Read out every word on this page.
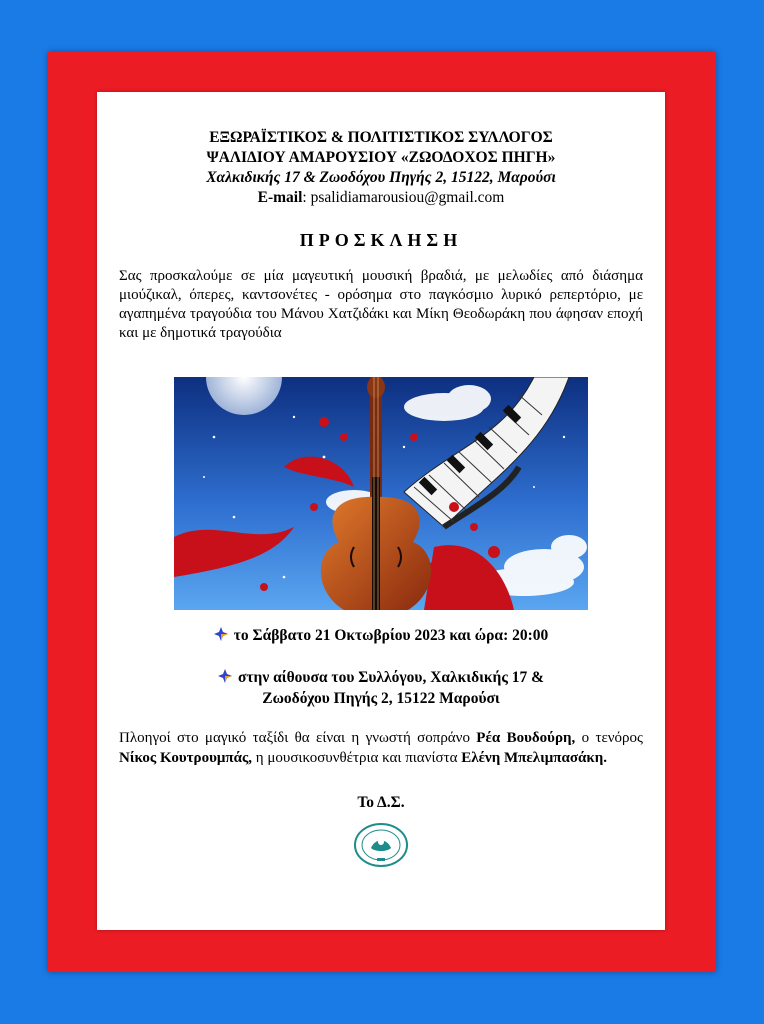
ΕΞΩΡΑΪΣΤΙΚΟΣ & ΠΟΛΙΤΙΣΤΙΚΟΣ ΣΥΛΛΟΓΟΣ
ΨΑΛΙΔΙΟΥ ΑΜΑΡΟΥΣΙΟΥ «ΖΩΟΔΟΧΟΣ ΠΗΓΗ»
Χαλκιδικής 17 & Ζωοδόχου Πηγής 2, 15122, Μαρούσι
E-mail: psalidiamarousiou@gmail.com
ΠΡΟΣΚΛΗΣΗ
Σας προσκαλούμε σε μία μαγευτική μουσική βραδιά, με μελωδίες από διάσημα μιούζικαλ, όπερες, καντσονέτες - ορόσημα στο παγκόσμιο λυρικό ρεπερτόριο, με αγαπημένα τραγούδια του Μάνου Χατζιδάκι και Μίκη Θεοδωράκη που άφησαν εποχή και με δημοτικά τραγούδια
το Σάββατο 21 Οκτωβρίου 2023 και ώρα: 20:00
στην αίθουσα του Συλλόγου, Χαλκιδικής 17 &
Ζωοδόχου Πηγής 2, 15122 Μαρούσι
Πλοηγοί στο μαγικό ταξίδι θα είναι η γνωστή σοπράνο Ρέα Βουδούρη, ο τενόρος Νίκος Κουτρουμπάς, η μουσικοσυνθέτρια και πιανίστα Ελένη Μπελιμπασάκη.
Το Δ.Σ.
